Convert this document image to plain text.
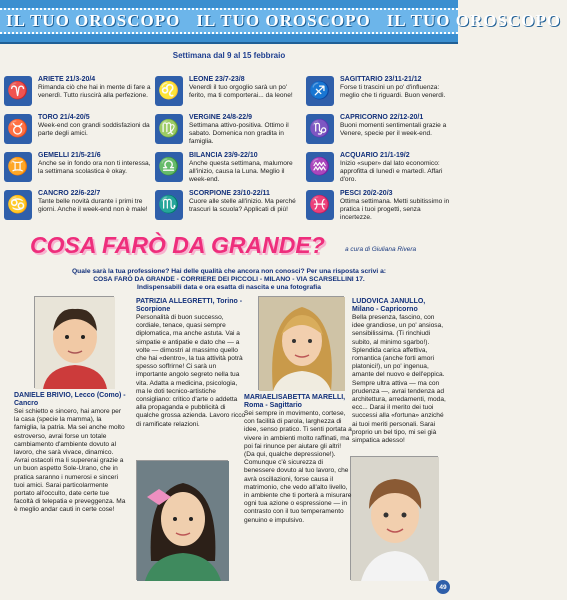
IL TUO OROSCOPO IL TUO OROSCOPO IL TUO OROSCOPO
Settimana dal 9 al 15 febbraio
♈
ARIETE 21/3-20/4
Rimanda ciò che hai in mente di fare a venerdì. Tutto riuscirà alla perfezione.
♉
TORO 21/4-20/5
Week-end con grandi soddisfazioni da parte degli amici.
♊
GEMELLI 21/5-21/6
Anche se in fondo ora non ti interessa, la settimana scolastica è okay.
♋
CANCRO 22/6-22/7
Tante belle novità durante i primi tre giorni. Anche il week-end non è male!
♌
LEONE 23/7-23/8
Venerdì il tuo orgoglio sarà un po' ferito, ma ti comporterai... da leone!
♍
VERGINE 24/8-22/9
Settimana attivo-positiva. Ottimo il sabato. Domenica non gradita in famiglia.
♎
BILANCIA 23/9-22/10
Anche questa settimana, malumore all'inizio, causa la Luna. Meglio il week-end.
♏
SCORPIONE 23/10-22/11
Cuore alle stelle all'inizio. Ma perché trascuri la scuola? Applicati di più!
♐
SAGITTARIO 23/11-21/12
Forse ti trascini un po' d'influenza: meglio che ti riguardi. Buon venerdì.
♑
CAPRICORNO 22/12-20/1
Buoni momenti sentimentali grazie a Venere, specie per il week-end.
♒
ACQUARIO 21/1-19/2
Inizio «super» dal lato economico: approfitta di lunedì e martedì. Affari d'oro.
♓
PESCI 20/2-20/3
Ottima settimana. Metti subitissimo in pratica i tuoi progetti, senza incertezze.
COSA FARÒ DA GRANDE?	a cura di Giuliana Rivera
Quale sarà la tua professione? Hai delle qualità che ancora non conosci? Per una risposta scrivi a:
COSA FARÒ DA GRANDE - CORRIERE DEI PICCOLI - MILANO - VIA SCARSELLINI 17.
Indispensabili data e ora esatta di nascita e una fotografia
DANIELE BRIVIO, Lecco (Como) - Cancro
Sei schietto e sincero, hai amore per la casa (specie la mamma), la famiglia, la patria. Ma sei anche molto estroverso, avrai forse un totale cambiamento d'ambiente dovuto al lavoro, che sarà vivace, dinamico. Avrai ostacoli ma li supererai grazie a un buon aspetto Sole-Urano, che in pratica saranno i numerosi e sinceri tuoi amici. Sarai particolarmente portato all'occulto, date certe tue facoltà di telepatia e preveggenza. Ma è meglio andar cauti in certe cose!
PATRIZIA ALLEGRETTI, Torino - Scorpione
Personalità di buon successo, cordiale, tenace, quasi sempre diplomatica, ma anche astuta. Vai a simpatie e antipatie e dato che — a volte — dimostri al massimo quello che hai «dentro», la tua attività potrà spesso soffrirne! Ci sarà un importante angolo segreto nella tua vita. Adatta a medicina, psicologia, ma le doti tecnico-artistiche consigliano: critico d'arte o addetta alla propaganda e pubblicità di qualche grossa azienda. Lavoro ricco di ramificate relazioni.
MARIAELISABETTA MARELLI, Roma - Sagittario
Sei sempre in movimento, cortese, con facilità di parola, larghezza di idee, senso pratico. Ti senti portata a vivere in ambienti molto raffinati, ma poi fai rinunce per aiutare gli altri! (Da qui, qualche depressione!). Comunque c'è sicurezza di benessere dovuto al tuo lavoro, che avrà oscillazioni, forse causa il matrimonio, che vedo all'alto livello, in ambiente che ti porterà a misurare ogni tua azione o espressione — in contrasto con il tuo temperamento genuino e impulsivo.
LUDOVICA JANULLO, Milano - Capricorno
Bella presenza, fascino, con idee grandiose, un po' ansiosa, sensibilissima. (Ti rinchiudi subito, al minimo sgarbo!). Splendida carica affettiva, romantica (anche forti amori platonici!), un po' ingenua, amante del nuovo e dell'eppica. Sempre ultra attiva — ma con prudenza —, avrai tendenza ad architettura, arredamenti, moda, ecc... Darai il merito dei tuoi successi alla «fortuna» anziché ai tuoi meriti personali. Sarai proprio un bel tipo, mi sei già simpatica adesso!
49
